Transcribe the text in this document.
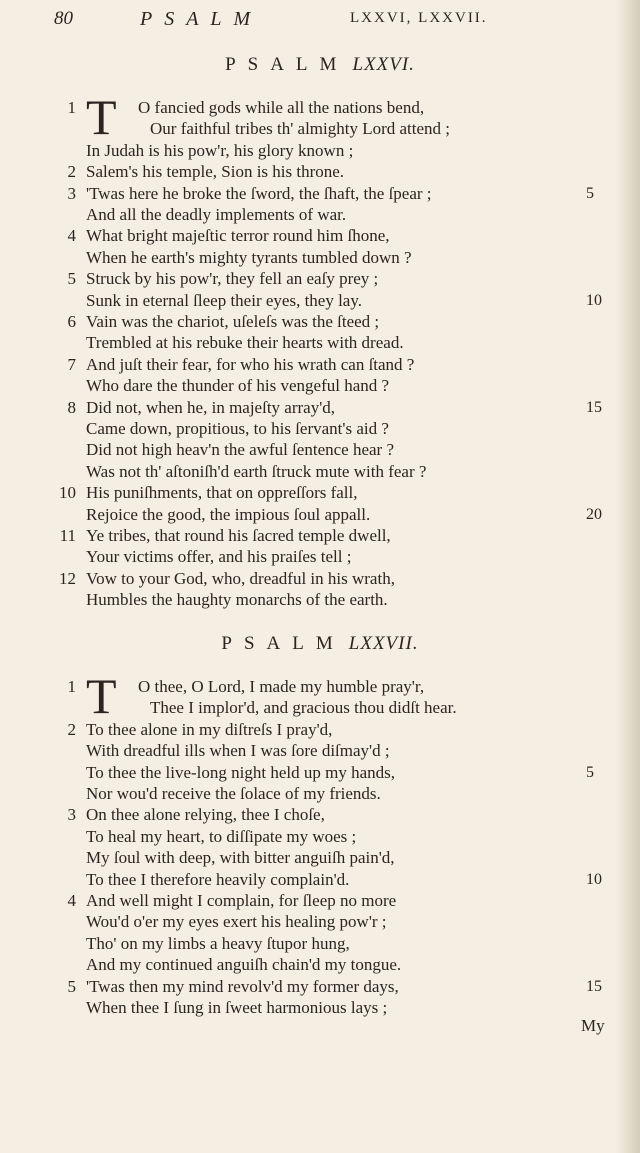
80	PSALM	LXXVI, LXXVII.
PSALM LXXVI.
T
1	O fancied gods while all the nations bend,
Our faithful tribes th' almighty Lord attend ;
In Judah is his pow'r, his glory known ;
2 Salem's his temple, Sion is his throne.
3 'Twas here he broke the ſword, the ſhaft, the ſpear ;	5
And all the deadly implements of war.
4 What bright majeſtic terror round him ſhone,
When he earth's mighty tyrants tumbled down ?
5 Struck by his pow'r, they fell an eaſy prey ;
Sunk in eternal ſleep their eyes, they lay.	10
6 Vain was the chariot, uſeleſs was the ſteed ;
Trembled at his rebuke their hearts with dread.
7 And juſt their fear, for who his wrath can ſtand ?
Who dare the thunder of his vengeful hand ?
8 Did not, when he, in majeſty array'd,	15
Came down, propitious, to his ſervant's aid ?
Did not high heav'n the awful ſentence hear ?
Was not th' aſtoniſh'd earth ſtruck mute with fear ?
10 His puniſhments, that on oppreſſors fall,
Rejoice the good, the impious ſoul appall.	20
11 Ye tribes, that round his ſacred temple dwell,
Your victims offer, and his praiſes tell ;
12 Vow to your God, who, dreadful in his wrath,
Humbles the haughty monarchs of the earth.
PSALM LXXVII.
T
1	O thee, O Lord, I made my humble pray'r,
Thee I implor'd, and gracious thou didſt hear.
2 To thee alone in my diſtreſs I pray'd,
With dreadful ills when I was ſore diſmay'd ;
To thee the live-long night held up my hands,	5
Nor wou'd receive the ſolace of my friends.
3 On thee alone relying, thee I choſe,
To heal my heart, to diſſipate my woes ;
My ſoul with deep, with bitter anguiſh pain'd,
To thee I therefore heavily complain'd.	10
4 And well might I complain, for ſleep no more
Wou'd o'er my eyes exert his healing pow'r ;
Tho' on my limbs a heavy ſtupor hung,
And my continued anguiſh chain'd my tongue.
5 'Twas then my mind revolv'd my former days,	15
When thee I ſung in ſweet harmonious lays ;
My
